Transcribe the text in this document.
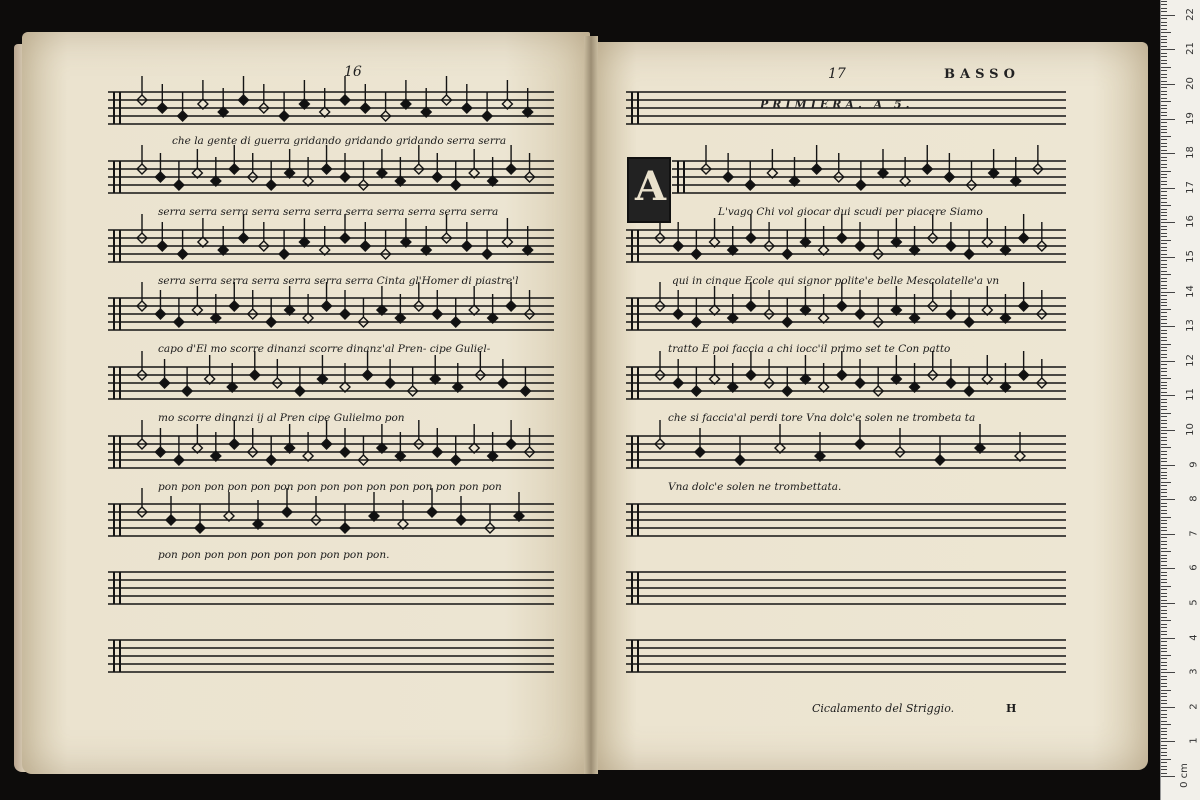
16	17	BASSO
PRIMIERA. A 5.
A
che la gente di guerra gridando gridando gridando serra serra
serra serra serra serra serra serra serra serra serra serra serra
serra serra serra serra serra serra serra Cinta gl'Homer di piastre'l
capo d'El mo scorre dinanzi scorre dinanz'al Pren- cipe Guliel-
mo scorre dinanzi ij al Pren cipe Gulielmo pon
pon pon pon pon pon pon pon pon pon pon pon pon pon pon pon
pon pon pon pon pon pon pon pon pon pon.
L'vago Chi vol giocar dui scudi per piacere Siamo
qui in cinque Ecole qui signor polite'e belle Mescolatelle'a vn
tratto E poi faccia a chi iocc'il primo set te Con patto
che si faccia'al perdi tore Vna dolc'e solen ne trombeta ta
Vna dolc'e solen ne trombettata.
Cicalamento del Striggio.	H
0 cm
1
2
3
4
5
6
7
8
9
10
11
12
13
14
15
16
17
18
19
20
21
22
